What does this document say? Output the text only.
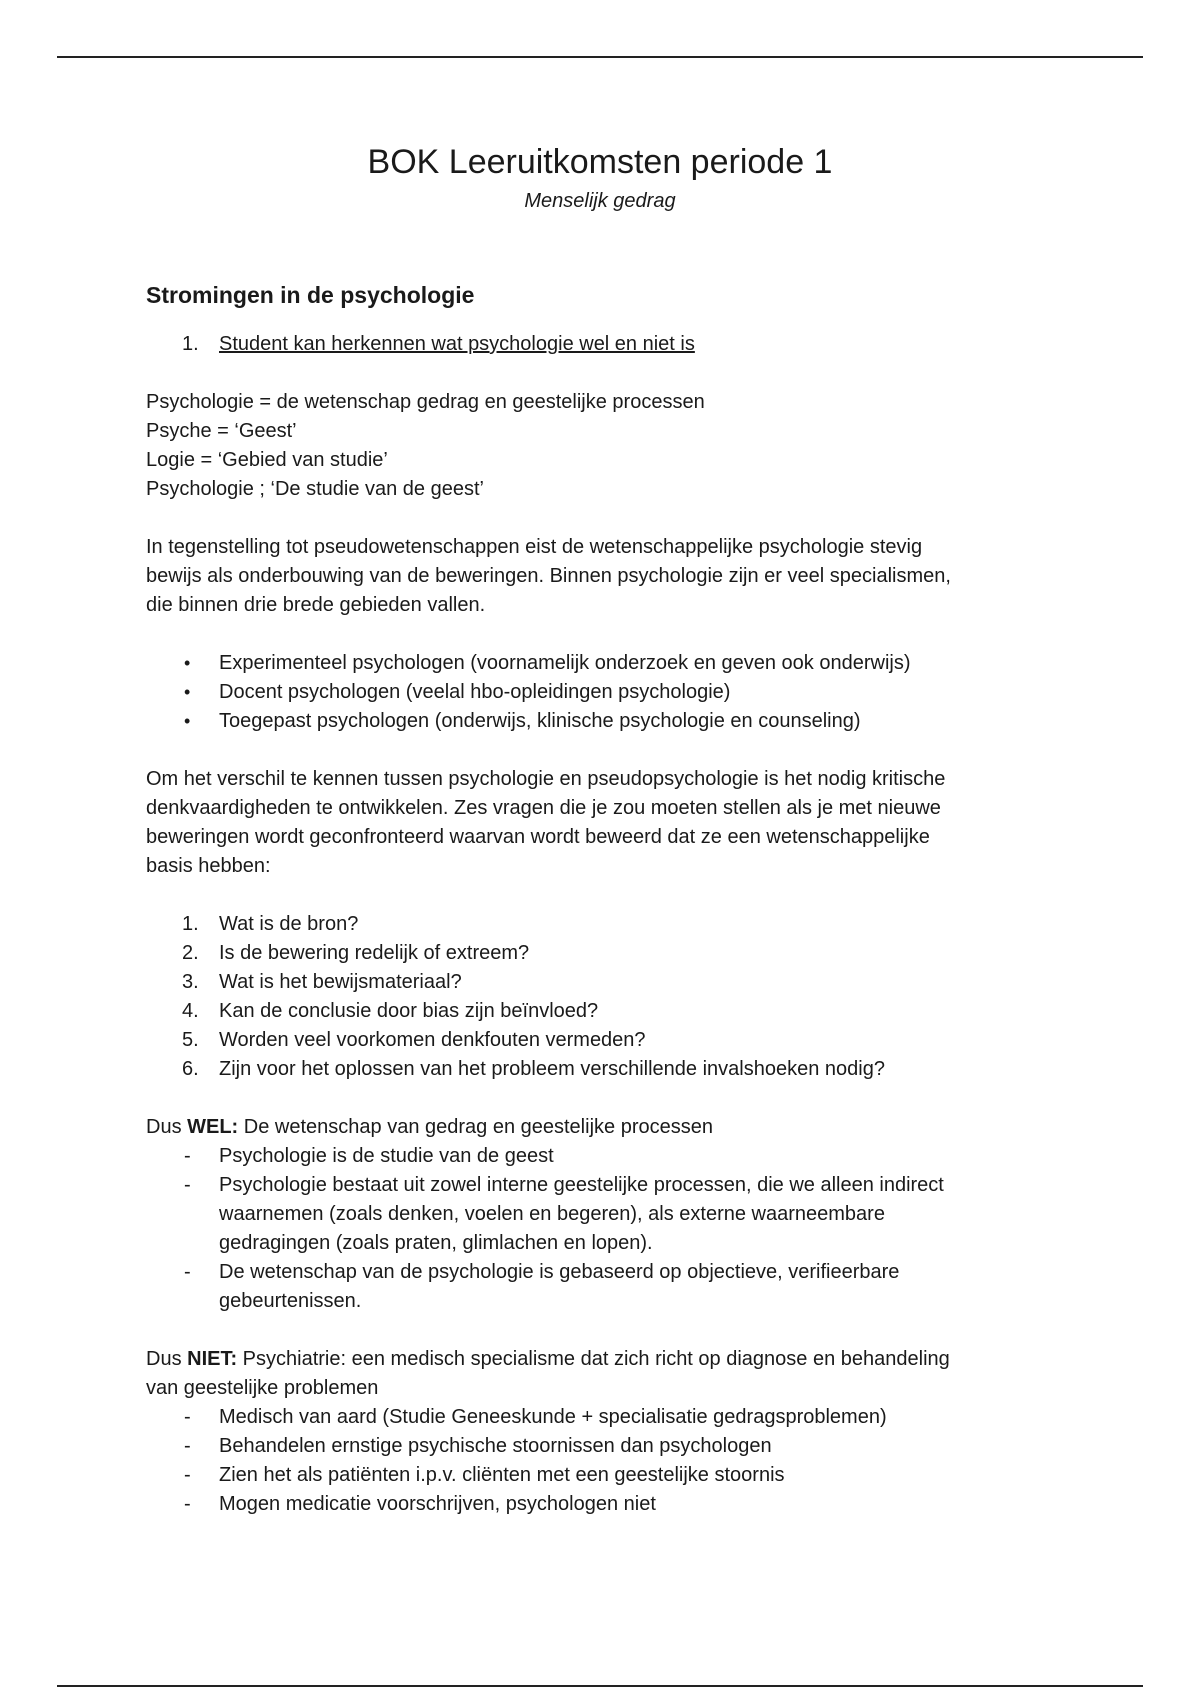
BOK Leeruitkomsten periode 1
Menselijk gedrag
Stromingen in de psychologie
1.	Student kan herkennen wat psychologie wel en niet is

Psychologie = de wetenschap gedrag en geestelijke processen

Psyche = ‘Geest’

Logie = ‘Gebied van studie’

Psychologie ; ‘De studie van de geest’

In tegenstelling tot pseudowetenschappen eist de wetenschappelijke psychologie stevig

bewijs als onderbouwing van de beweringen. Binnen psychologie zijn er veel specialismen,

die binnen drie brede gebieden vallen.

•	Experimenteel psychologen (voornamelijk onderzoek en geven ook onderwijs)
•	Docent psychologen (veelal hbo-opleidingen psychologie)
•	Toegepast psychologen (onderwijs, klinische psychologie en counseling)

Om het verschil te kennen tussen psychologie en pseudopsychologie is het nodig kritische

denkvaardigheden te ontwikkelen. Zes vragen die je zou moeten stellen als je met nieuwe

beweringen wordt geconfronteerd waarvan wordt beweerd dat ze een wetenschappelijke

basis hebben:

1.	Wat is de bron?
2.	Is de bewering redelijk of extreem?
3.	Wat is het bewijsmateriaal?
4.	Kan de conclusie door bias zijn beïnvloed?
5.	Worden veel voorkomen denkfouten vermeden?
6.	Zijn voor het oplossen van het probleem verschillende invalshoeken nodig?

Dus WEL: De wetenschap van gedrag en geestelijke processen

-	Psychologie is de studie van de geest
-	Psychologie bestaat uit zowel interne geestelijke processen, die we alleen indirect
waarnemen (zoals denken, voelen en begeren), als externe waarneembare
gedragingen (zoals praten, glimlachen en lopen).
-	De wetenschap van de psychologie is gebaseerd op objectieve, verifieerbare
gebeurtenissen.

Dus NIET: Psychiatrie: een medisch specialisme dat zich richt op diagnose en behandeling

van geestelijke problemen

-	Medisch van aard (Studie Geneeskunde + specialisatie gedragsproblemen)
-	Behandelen ernstige psychische stoornissen dan psychologen
-	Zien het als patiënten i.p.v. cliënten met een geestelijke stoornis
-	Mogen medicatie voorschrijven, psychologen niet
